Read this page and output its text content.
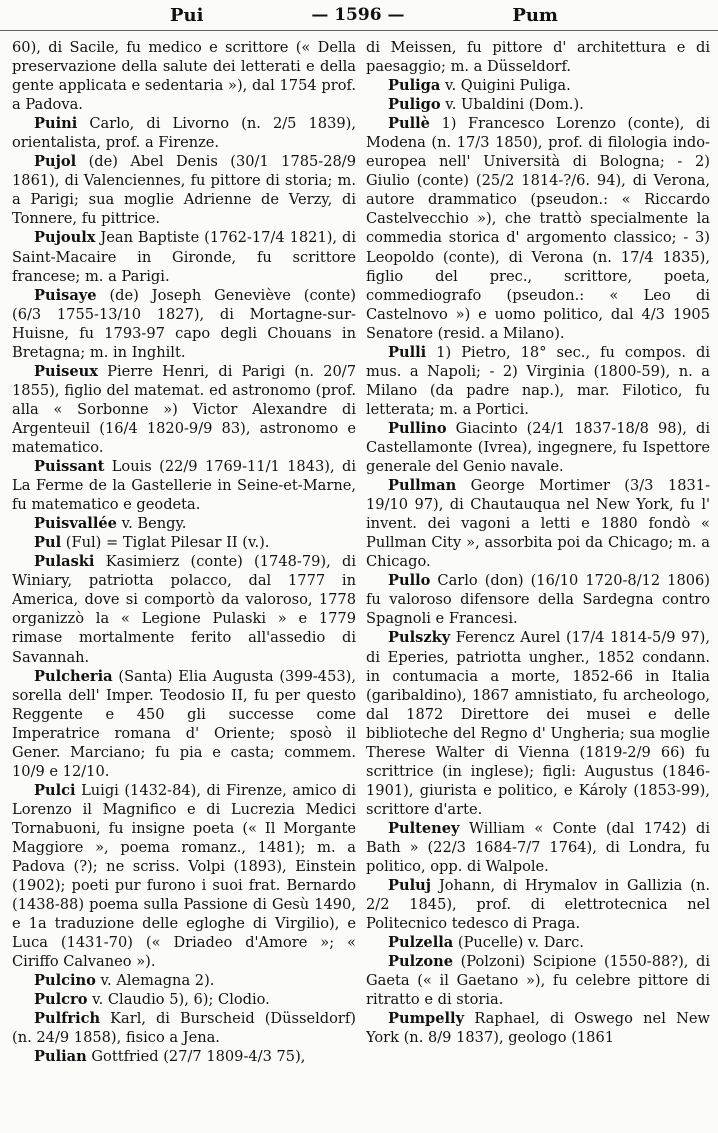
Pui	— 1596 —	Pum

60), di Sacile, fu medico e scrittore (« Della preservazione della salute dei letterati e della gente applicata e sedentaria »), dal 1754 prof. a Padova.

Puini Carlo, di Livorno (n. 2/5 1839), orientalista, prof. a Firenze.

Pujol (de) Abel Denis (30/1 1785-28/9 1861), di Valenciennes, fu pittore di storia; m. a Parigi; sua moglie Adrienne de Verzy, di Tonnere, fu pittrice.

Pujoulx Jean Baptiste (1762-17/4 1821), di Saint-Macaire in Gironde, fu scrittore francese; m. a Parigi.

Puisaye (de) Joseph Geneviève (conte) (6/3 1755-13/10 1827), di Mortagne-sur-Huisne, fu 1793-97 capo degli Chouans in Bretagna; m. in Inghilt.

Puiseux Pierre Henri, di Parigi (n. 20/7 1855), figlio del matemat. ed astronomo (prof. alla « Sorbonne ») Victor Alexandre di Argenteuil (16/4 1820-9/9 83), astronomo e matematico.

Puissant Louis (22/9 1769-11/1 1843), di La Ferme de la Gastellerie in Seine-et-Marne, fu matematico e geodeta.

Puisvallée v. Bengy.

Pul (Ful) = Tiglat Pilesar II (v.).

Pulaski Kasimierz (conte) (1748-79), di Winiary, patriotta polacco, dal 1777 in America, dove si comportò da valoroso, 1778 organizzò la « Legione Pulaski » e 1779 rimase mortalmente ferito all'assedio di Savannah.

Pulcheria (Santa) Elia Augusta (399-453), sorella dell' Imper. Teodosio II, fu per questo Reggente e 450 gli successe come Imperatrice romana d' Oriente; sposò il Gener. Marciano; fu pia e casta; commem. 10/9 e 12/10.

Pulci Luigi (1432-84), di Firenze, amico di Lorenzo il Magnifico e di Lucrezia Medici Tornabuoni, fu insigne poeta (« Il Morgante Maggiore », poema romanz., 1481); m. a Padova (?); ne scriss. Volpi (1893), Einstein (1902); poeti pur furono i suoi frat. Bernardo (1438-88) poema sulla Passione di Gesù 1490, e 1a traduzione delle egloghe di Virgilio), e Luca (1431-70) (« Driadeo d'Amore »; « Ciriffo Calvaneo »).

Pulcino v. Alemagna 2).

Pulcro v. Claudio 5), 6); Clodio.

Pulfrich Karl, di Burscheid (Düsseldorf) (n. 24/9 1858), fisico a Jena.

Pulian Gottfried (27/7 1809-4/3 75),

di Meissen, fu pittore d' architettura e di paesaggio; m. a Düsseldorf.

Puliga v. Quigini Puliga.

Puligo v. Ubaldini (Dom.).

Pullè 1) Francesco Lorenzo (conte), di Modena (n. 17/3 1850), prof. di filologia indo-europea nell' Università di Bologna; - 2) Giulio (conte) (25/2 1814-?/6. 94), di Verona, autore drammatico (pseudon.: « Riccardo Castelvecchio »), che trattò specialmente la commedia storica d' argomento classico; - 3) Leopoldo (conte), di Verona (n. 17/4 1835), figlio del prec., scrittore, poeta, commediografo (pseudon.: « Leo di Castelnovo ») e uomo politico, dal 4/3 1905 Senatore (resid. a Milano).

Pulli 1) Pietro, 18° sec., fu compos. di mus. a Napoli; - 2) Virginia (1800-59), n. a Milano (da padre nap.), mar. Filotico, fu letterata; m. a Portici.

Pullino Giacinto (24/1 1837-18/8 98), di Castellamonte (Ivrea), ingegnere, fu Ispettore generale del Genio navale.

Pullman George Mortimer (3/3 1831-19/10 97), di Chautauqua nel New York, fu l' invent. dei vagoni a letti e 1880 fondò « Pullman City », assorbita poi da Chicago; m. a Chicago.

Pullo Carlo (don) (16/10 1720-8/12 1806) fu valoroso difensore della Sardegna contro Spagnoli e Francesi.

Pulszky Ferencz Aurel (17/4 1814-5/9 97), di Eperies, patriotta ungher., 1852 condann. in contumacia a morte, 1852-66 in Italia (garibaldino), 1867 amnistiato, fu archeologo, dal 1872 Direttore dei musei e delle biblioteche del Regno d' Ungheria; sua moglie Therese Walter di Vienna (1819-2/9 66) fu scrittrice (in inglese); figli: Augustus (1846-1901), giurista e politico, e Károly (1853-99), scrittore d'arte.

Pulteney William « Conte (dal 1742) di Bath » (22/3 1684-7/7 1764), di Londra, fu politico, opp. di Walpole.

Puluj Johann, di Hrymalov in Gallizia (n. 2/2 1845), prof. di elettrotecnica nel Politecnico tedesco di Praga.

Pulzella (Pucelle) v. Darc.

Pulzone (Polzoni) Scipione (1550-88?), di Gaeta (« il Gaetano »), fu celebre pittore di ritratto e di storia.

Pumpelly Raphael, di Oswego nel New York (n. 8/9 1837), geologo (1861
